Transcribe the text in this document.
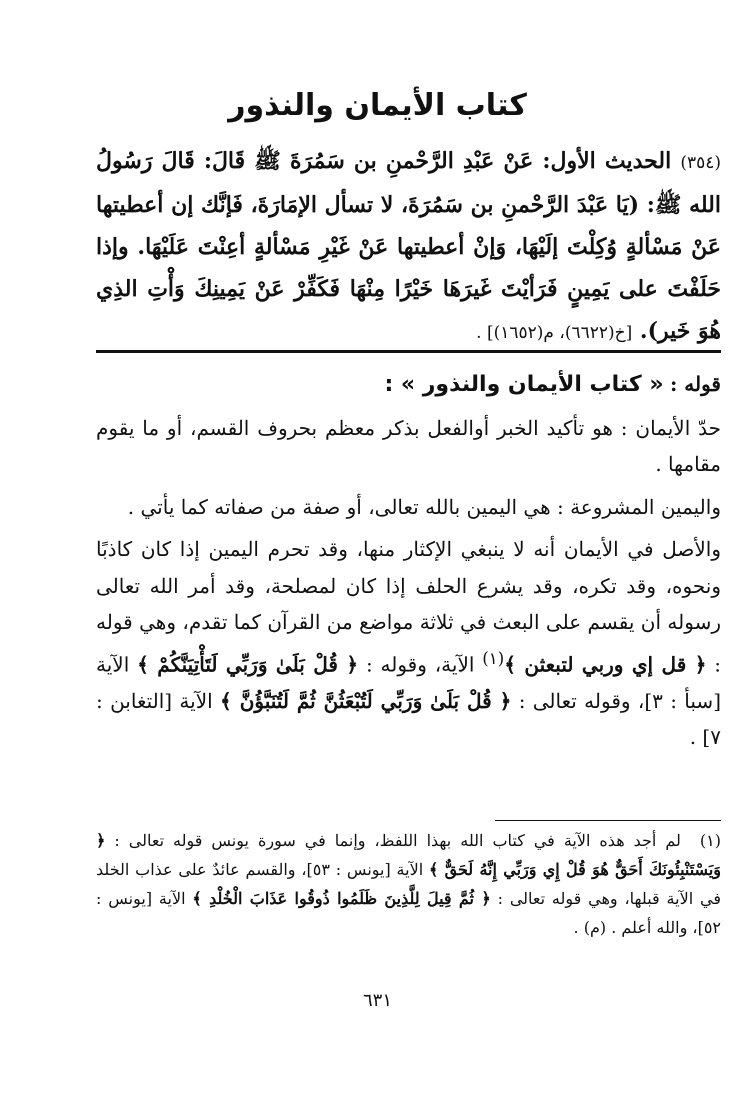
كتاب الأيمان والنذور

(٣٥٤) الحديث الأول: عَنْ عَبْدِ الرَّحْمنِ بن سَمُرَةَ ﷺ قَالَ: قَالَ رَسُولُ الله ﷺ: (يَا عَبْدَ الرَّحْمنِ بن سَمُرَةَ، لا تسأل الإمَارَةَ، فَإنَّك إن أعطيتها عَنْ مَسْألةٍ وُكِلْتَ إلَيْهَا، وَإنْ أعطيتها عَنْ غَيْرِ مَسْألةٍ أعِنْتَ عَلَيْهَا. وإذا حَلَفْتَ على يَمِينٍ فَرَأيْتَ غَيرَهَا خَيْرًا مِنْهَا فَكَفِّرْ عَنْ يَمِينِكَ وَأْتِ الذِي هُوَ خَير). [خ(٦٦٢٢)، م(١٦٥٢)] .

قوله : « كتاب الأيمان والنذور » :

حدّ الأيمان : هو تأكيد الخبر أوالفعل بذكر معظم بحروف القسم، أو ما يقوم مقامها .

واليمين المشروعة : هي اليمين بالله تعالى، أو صفة من صفاته كما يأتي .

والأصل في الأيمان أنه لا ينبغي الإكثار منها، وقد تحرم اليمين إذا كان كاذبًا ونحوه، وقد تكره، وقد يشرع الحلف إذا كان لمصلحة، وقد أمر الله تعالى رسوله أن يقسم على البعث في ثلاثة مواضع من القرآن كما تقدم، وهي قوله : ﴿ قل إي وربي لتبعثن ﴾$^{(١)}$ الآية، وقوله : ﴿ قُلْ بَلَىٰ وَرَبِّي لَتَأْتِيَنَّكُمْ ﴾ الآية [سبأ : ٣]، وقوله تعالى : ﴿ قُلْ بَلَىٰ وَرَبِّي لَتُبْعَثُنَّ ثُمَّ لَتُنَبَّؤُنَّ ﴾ الآية [التغابن : ٧] .

(١) لم أجد هذه الآية في كتاب الله بهذا اللفظ، وإنما في سورة يونس قوله تعالى : ﴿ وَيَسْتَنْبِئُونَكَ أَحَقٌّ هُوَ قُلْ إِي وَرَبِّي إِنَّهُ لَحَقٌّ ﴾ الآية [يونس : ٥٣]، والقسم عائدٌ على عذاب الخلد في الآية قبلها، وهي قوله تعالى : ﴿ ثُمَّ قِيلَ لِلَّذِينَ ظَلَمُوا ذُوقُوا عَذَابَ الْخُلْدِ ﴾ الآية [يونس : ٥٢]، والله أعلم . (م) .

٦٣١
